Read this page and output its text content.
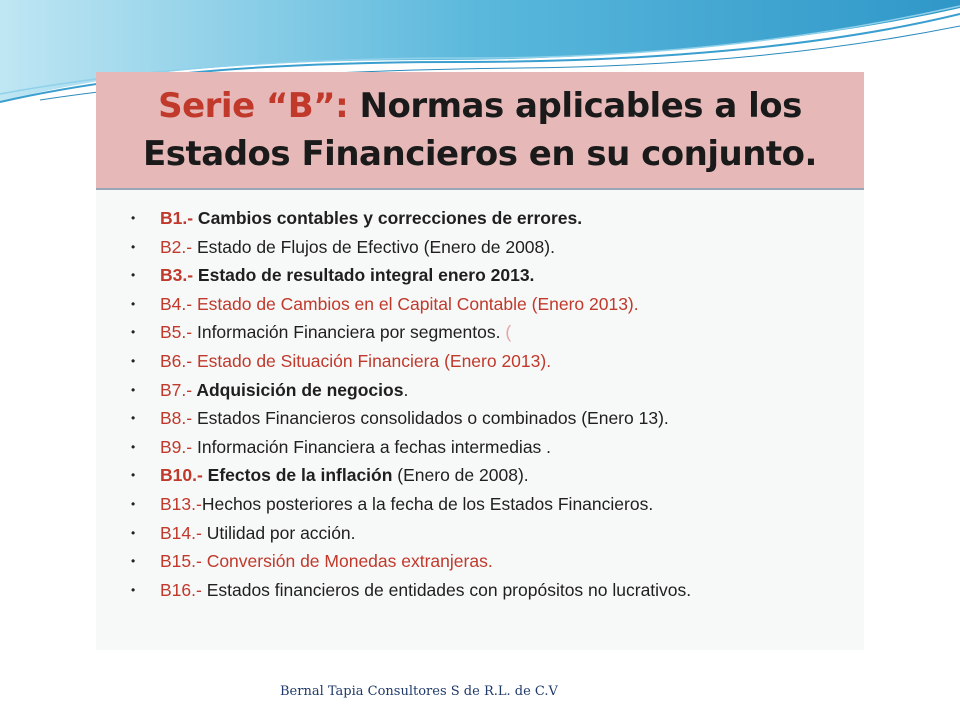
Serie “B”: Normas aplicables a los
Estados Financieros en su conjunto.
• B1.- Cambios contables y correcciones de errores.
• B2.- Estado de Flujos de Efectivo (Enero de 2008).
• B3.- Estado de resultado integral enero 2013.
• B4.- Estado de Cambios en el Capital Contable (Enero 2013).
• B5.- Información Financiera por segmentos. (
• B6.- Estado de Situación Financiera (Enero 2013).
• B7.- Adquisición de negocios.
• B8.- Estados Financieros consolidados o combinados (Enero 13).
• B9.- Información Financiera a fechas intermedias .
• B10.- Efectos de la inflación (Enero de 2008).
• B13.-Hechos posteriores a la fecha de los Estados Financieros.
• B14.- Utilidad por acción.
• B15.- Conversión de Monedas extranjeras.
• B16.- Estados financieros de entidades con propósitos no lucrativos.
Bernal Tapia Consultores S de R.L. de C.V
